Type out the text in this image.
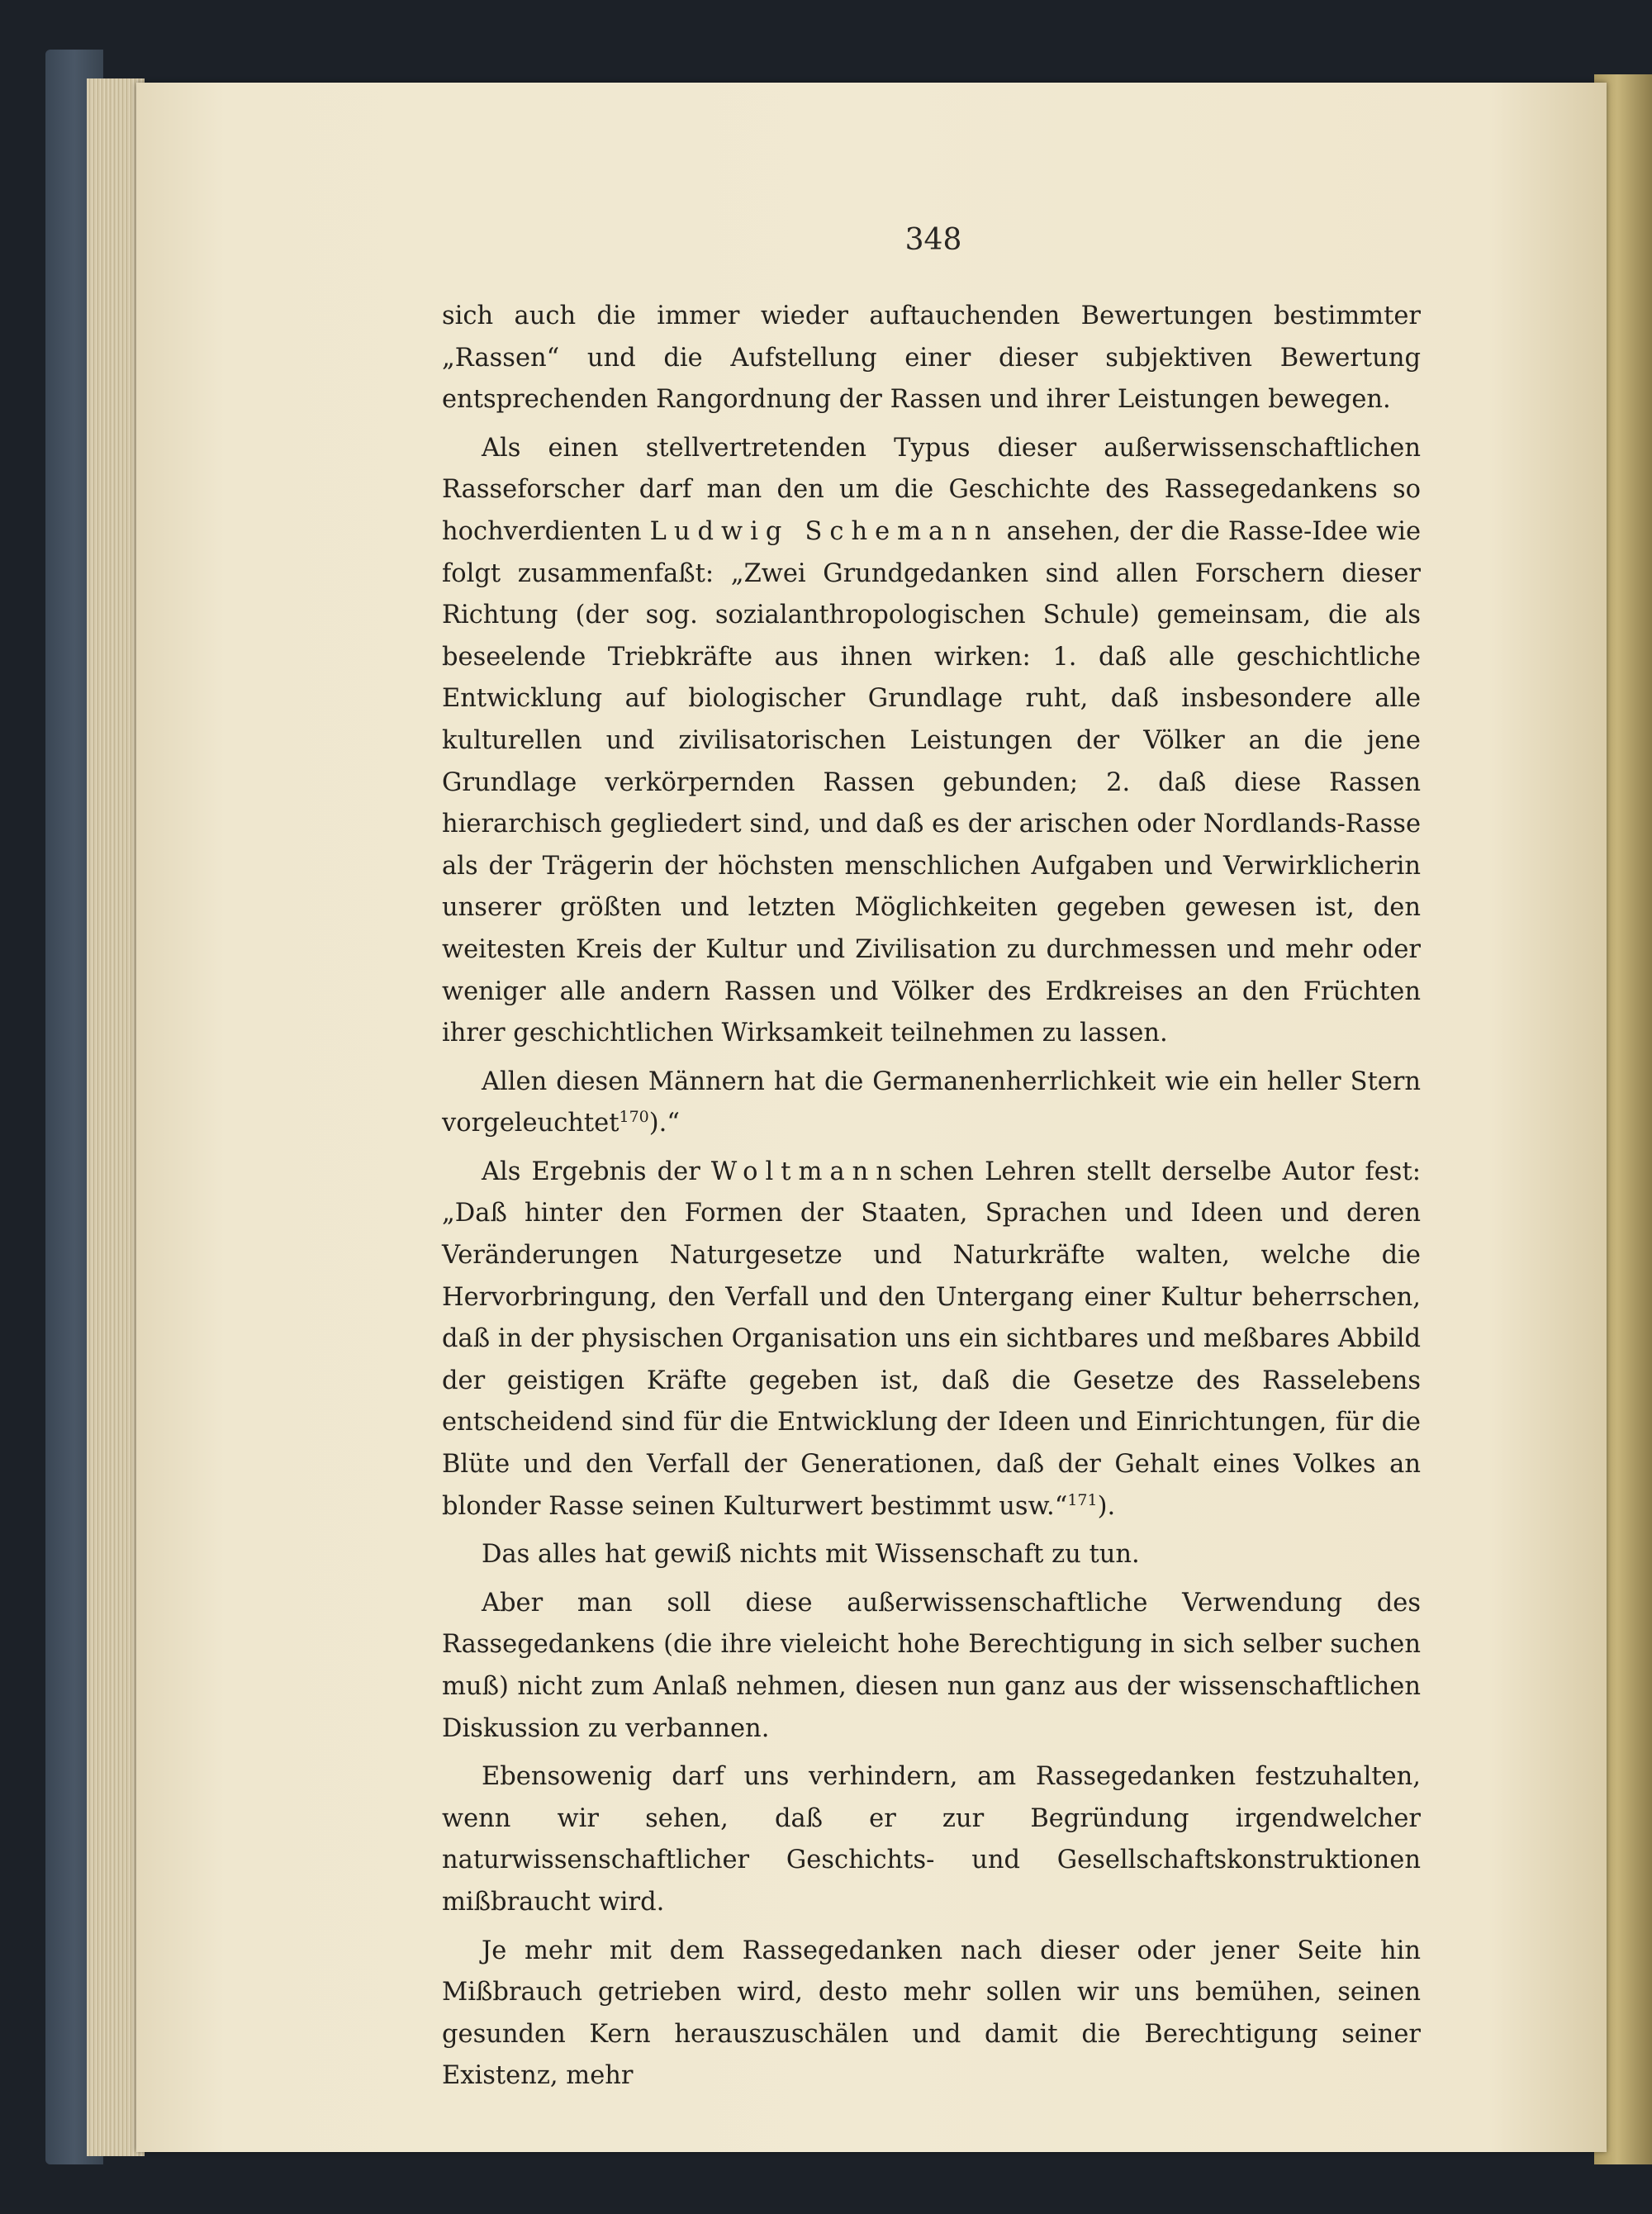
348

sich auch die immer wieder auftauchenden Bewertungen bestimmter „Rassen“ und die Aufstellung einer dieser subjektiven Bewertung entsprechenden Rangordnung der Rassen und ihrer Leistungen bewegen.

Als einen stellvertretenden Typus dieser außerwissenschaftlichen Rasseforscher darf man den um die Geschichte des Rassegedankens so hochverdienten Ludwig Schemann ansehen, der die Rasse-Idee wie folgt zusammenfaßt: „Zwei Grundgedanken sind allen Forschern dieser Richtung (der sog. sozialanthropologischen Schule) gemeinsam, die als beseelende Triebkräfte aus ihnen wirken: 1. daß alle geschichtliche Entwicklung auf biologischer Grundlage ruht, daß insbesondere alle kulturellen und zivilisatorischen Leistungen der Völker an die jene Grundlage verkörpernden Rassen gebunden; 2. daß diese Rassen hierarchisch gegliedert sind, und daß es der arischen oder Nordlands-Rasse als der Trägerin der höchsten menschlichen Aufgaben und Verwirklicherin unserer größten und letzten Möglichkeiten gegeben gewesen ist, den weitesten Kreis der Kultur und Zivilisation zu durchmessen und mehr oder weniger alle andern Rassen und Völker des Erdkreises an den Früchten ihrer geschichtlichen Wirksamkeit teilnehmen zu lassen.

Allen diesen Männern hat die Germanenherrlichkeit wie ein heller Stern vorgeleuchtet$^{170}$).“

Als Ergebnis der Woltmannschen Lehren stellt derselbe Autor fest: „Daß hinter den Formen der Staaten, Sprachen und Ideen und deren Veränderungen Naturgesetze und Naturkräfte walten, welche die Hervorbringung, den Verfall und den Untergang einer Kultur beherrschen, daß in der physischen Organisation uns ein sichtbares und meßbares Abbild der geistigen Kräfte gegeben ist, daß die Gesetze des Rasselebens entscheidend sind für die Entwicklung der Ideen und Einrichtungen, für die Blüte und den Verfall der Generationen, daß der Gehalt eines Volkes an blonder Rasse seinen Kulturwert bestimmt usw.“$^{171}$).

Das alles hat gewiß nichts mit Wissenschaft zu tun.

Aber man soll diese außerwissenschaftliche Verwendung des Rassegedankens (die ihre vieleicht hohe Berechtigung in sich selber suchen muß) nicht zum Anlaß nehmen, diesen nun ganz aus der wissenschaftlichen Diskussion zu verbannen.

Ebensowenig darf uns verhindern, am Rassegedanken festzuhalten, wenn wir sehen, daß er zur Begründung irgendwelcher naturwissenschaftlicher Geschichts- und Gesellschaftskonstruktionen mißbraucht wird.

Je mehr mit dem Rassegedanken nach dieser oder jener Seite hin Mißbrauch getrieben wird, desto mehr sollen wir uns bemühen, seinen gesunden Kern herauszuschälen und damit die Berechtigung seiner Existenz, mehr
